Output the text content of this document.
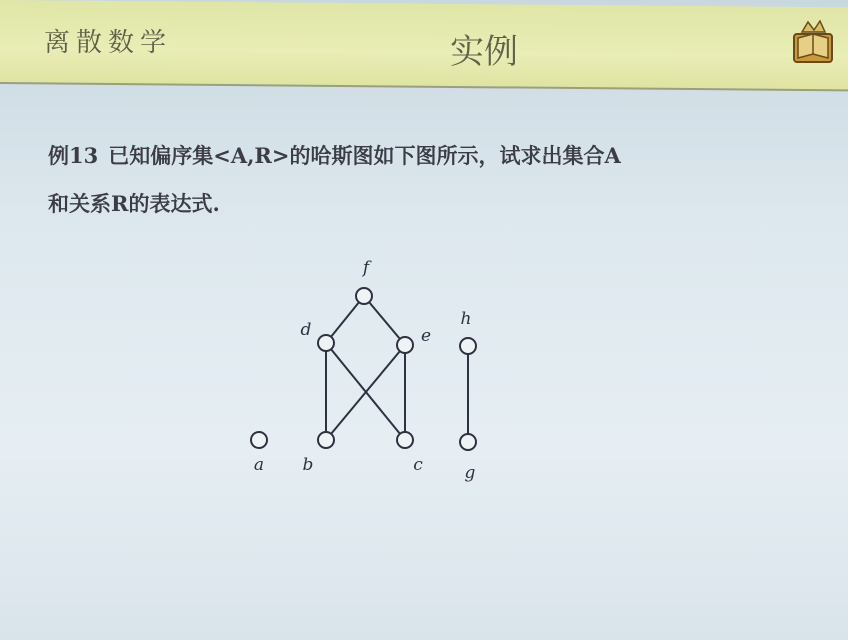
离散数学	实例
例13 已知偏序集<A,R>的哈斯图如下图所示，试求出集合A
和关系R的表达式.
a b	c
d	e
f
g
h
